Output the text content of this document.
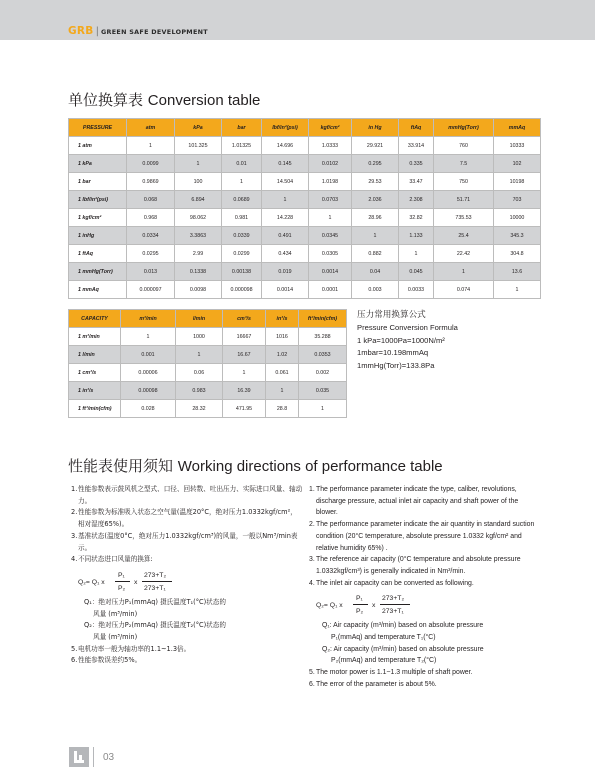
GRB | GREEN SAFE DEVELOPMENT
单位换算表 Conversion table
PRESSURE	atm	kPa	bar	Ibf/in²(psi)	kgf/cm²	in Hg	ftAq	mmHg(Torr)	mmAq
1 atm	1	101.325	1.01325	14.696	1.0333	29.921	33.914	760	10333
1 kPa	0.0099	1	0.01	0.145	0.0102	0.295	0.335	7.5	102
1 bar	0.9869	100	1	14.504	1.0198	29.53	33.47	750	10198
1 Ibf/in²(psi)	0.068	6.894	0.0689	1	0.0703	2.036	2.308	51.71	703
1 kgf/cm²	0.968	98.062	0.981	14.228	1	28.96	32.82	735.53	10000
1 inHg	0.0334	3.3863	0.0339	0.491	0.0345	1	1.133	25.4	345.3
1 ftAq	0.0295	2.99	0.0299	0.434	0.0305	0.882	1	22.42	304.8
1 mmHg(Torr)	0.013	0.1338	0.00138	0.019	0.0014	0.04	0.045	1	13.6
1 mmAq	0.000097	0.0098	0.000098	0.0014	0.0001	0.003	0.0033	0.074	1
CAPACITY	m³/min	l/min	cm³/s	in³/s	ft³/min(cfm)
1 m³/min	1	1000	16667	1016	35.288
1 l/min	0.001	1	16.67	1.02	0.0353
1 cm³/s	0.00006	0.06	1	0.061	0.002
1 in³/s	0.00098	0.983	16.39	1	0.035
1 ft³/min(cfm)	0.028	28.32	471.95	28.8	1
压力常用换算公式
Pressure Conversion Formula
1 kPa=1000Pa=1000N/m²
1mbar=10.198mmAq
1mmHg(Torr)=133.8Pa
性能表使用须知 Working directions of performance table
1. 性能参数表示鼓风机之型式、口径、回转数、吐出压力、实际进口风量、轴动力。
2. 性能参数为标准吸入状态之空气量(温度20°C，绝对压力1.0332kgf/cm²，相对湿度65%)。
3. 基准状态(温度0°C，绝对压力1.0332kgf/cm³)的风量，一般以Nm³/min表示。
4. 不同状态进口风量的换算:
Q₂= Q₁ x
P₁
P₂
x
273+T₂
273+T₁
Q₁：绝对压力P₁(mmAq) 摄氏温度T₁(°C)状态的
风量 (m³/min)
Q₂：绝对压力P₂(mmAq) 摄氏温度T₂(°C)状态的
风量 (m³/min)
5. 电机功率一般为轴功率的1.1~1.3倍。
6. 性能参数误差约5%。
1. The performance parameter indicate the type, caliber, revolutions, discharge pressure, actual inlet air capacity and shaft power of the blower.
2. The performance parameter indicate the air quantity in standard suction condition (20°C temperature, absolute pressure 1.0332 kgf/cm² and relative humidity 65%) .
3. The reference air capacity (0°C temperature and absolute pressure 1.0332kgf/cm³) is generally indicated in Nm³/min.
4. The inlet air capacity can be converted as following.
Q₂= Q₁ x
P₁
P₂
x
273+T₂
273+T₁
Q₁: Air capacity (m³/min) based on absolute pressure
P₁(mmAq) and temperature T₁(°C)
Q₂: Air capacity (m³/min) based on absolute pressure
P₂(mmAq) and temperature T₂(°C)
5. The motor power is 1.1~1.3 multiple of shaft power.
6. The error of the parameter is about 5%.
03
